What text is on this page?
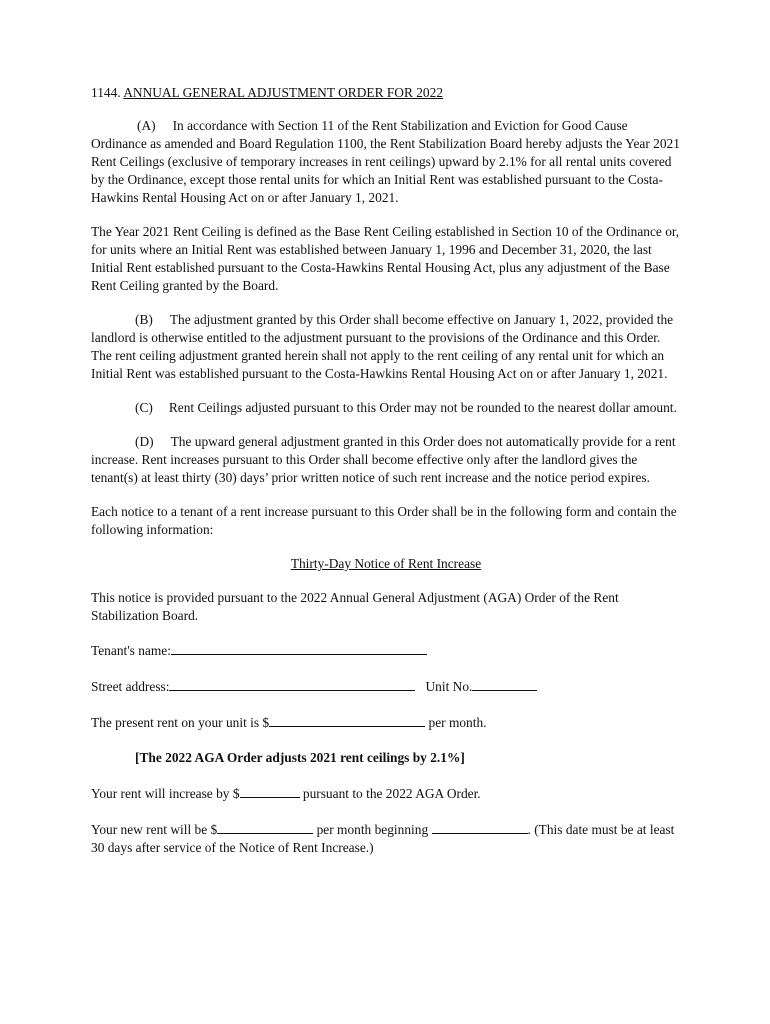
1144. ANNUAL GENERAL ADJUSTMENT ORDER FOR 2022

(A) In accordance with Section 11 of the Rent Stabilization and Eviction for Good Cause Ordinance as amended and Board Regulation 1100, the Rent Stabilization Board hereby adjusts the Year 2021 Rent Ceilings (exclusive of temporary increases in rent ceilings) upward by 2.1% for all rental units covered by the Ordinance, except those rental units for which an Initial Rent was established pursuant to the Costa-Hawkins Rental Housing Act on or after January 1, 2021.

The Year 2021 Rent Ceiling is defined as the Base Rent Ceiling established in Section 10 of the Ordinance or, for units where an Initial Rent was established between January 1, 1996 and December 31, 2020, the last Initial Rent established pursuant to the Costa-Hawkins Rental Housing Act, plus any adjustment of the Base Rent Ceiling granted by the Board.

(B) The adjustment granted by this Order shall become effective on January 1, 2022, provided the landlord is otherwise entitled to the adjustment pursuant to the provisions of the Ordinance and this Order. The rent ceiling adjustment granted herein shall not apply to the rent ceiling of any rental unit for which an Initial Rent was established pursuant to the Costa-Hawkins Rental Housing Act on or after January 1, 2021.

(C) Rent Ceilings adjusted pursuant to this Order may not be rounded to the nearest dollar amount.

(D) The upward general adjustment granted in this Order does not automatically provide for a rent increase. Rent increases pursuant to this Order shall become effective only after the landlord gives the tenant(s) at least thirty (30) days’ prior written notice of such rent increase and the notice period expires.

Each notice to a tenant of a rent increase pursuant to this Order shall be in the following form and contain the following information:

Thirty-Day Notice of Rent Increase

This notice is provided pursuant to the 2022 Annual General Adjustment (AGA) Order of the Rent Stabilization Board.

Tenant's name:
Street address:	Unit No.
The present rent on your unit is $	per month.
[The 2022 AGA Order adjusts 2021 rent ceilings by 2.1%]
Your rent will increase by $	pursuant to the 2022 AGA Order.
Your new rent will be $	per month beginning	. (This date must be at least 30 days after service of the Notice of Rent Increase.)
